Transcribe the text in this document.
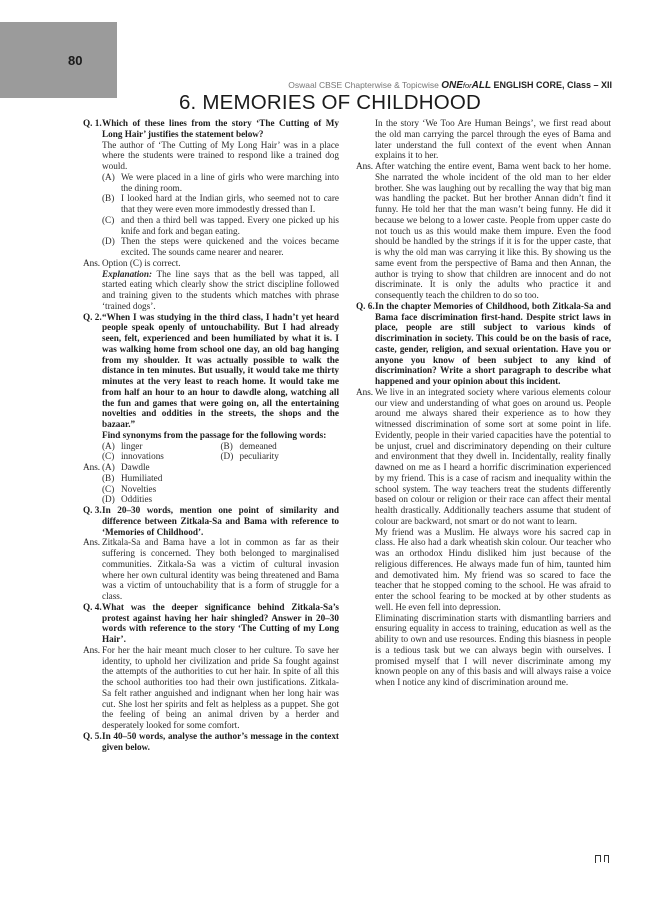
80
Oswaal CBSE Chapterwise & Topicwise ONEforALL ENGLISH CORE, Class – XII
6. MEMORIES OF CHILDHOOD
Q. 1. Which of these lines from the story ‘The Cutting of My Long Hair’ justifies the statement below?
The author of ‘The Cutting of My Long Hair’ was in a place where the students were trained to respond like a trained dog would.
(A) We were placed in a line of girls who were marching into the dining room.
(B) I looked hard at the Indian girls, who seemed not to care that they were even more immodestly dressed than I.
(C) and then a third bell was tapped. Every one picked up his knife and fork and began eating.
(D) Then the steps were quickened and the voices became excited. The sounds came nearer and nearer.
Ans. Option (C) is correct.
Explanation: The line says that as the bell was tapped, all started eating which clearly show the strict discipline followed and training given to the students which matches with phrase ‘trained dogs’.
Q. 2. “When I was studying in the third class, I hadn’t yet heard people speak openly of untouchability. But I had already seen, felt, experienced and been humiliated by what it is. I was walking home from school one day, an old bag hanging from my shoulder. It was actually possible to walk the distance in ten minutes. But usually, it would take me thirty minutes at the very least to reach home. It would take me from half an hour to an hour to dawdle along, watching all the fun and games that were going on, all the entertaining novelties and oddities in the streets, the shops and the bazaar.”
Find synonyms from the passage for the following words:
(A) linger	(B) demeaned
(C) innovations	(D) peculiarity
Ans. (A) Dawdle
(B) Humiliated
(C) Novelties
(D) Oddities
Q. 3. In 20–30 words, mention one point of similarity and difference between Zitkala-Sa and Bama with reference to ‘Memories of Childhood’.
Ans. Zitkala-Sa and Bama have a lot in common as far as their suffering is concerned. They both belonged to marginalised communities. Zitkala-Sa was a victim of cultural invasion where her own cultural identity was being threatened and Bama was a victim of untouchability that is a form of struggle for a class.
Q. 4. What was the deeper significance behind Zitkala-Sa’s protest against having her hair shingled? Answer in 20–30 words with reference to the story ‘The Cutting of my Long Hair’.
Ans. For her the hair meant much closer to her culture. To save her identity, to uphold her civilization and pride Sa fought against the attempts of the authorities to cut her hair. In spite of all this the school authorities too had their own justifications. Zitkala-Sa felt rather anguished and indignant when her long hair was cut. She lost her spirits and felt as helpless as a puppet. She got the feeling of being an animal driven by a herder and desperately looked for some comfort.
Q. 5. In 40–50 words, analyse the author’s message in the context given below.
In the story ‘We Too Are Human Beings’, we first read about the old man carrying the parcel through the eyes of Bama and later understand the full context of the event when Annan explains it to her.
Ans. After watching the entire event, Bama went back to her home. She narrated the whole incident of the old man to her elder brother. She was laughing out by recalling the way that big man was handling the packet. But her brother Annan didn’t find it funny. He told her that the man wasn’t being funny. He did it because we belong to a lower caste. People from upper caste do not touch us as this would make them impure. Even the food should be handled by the strings if it is for the upper caste, that is why the old man was carrying it like this. By showing us the same event from the perspective of Bama and then Annan, the author is trying to show that children are innocent and do not discriminate. It is only the adults who practice it and consequently teach the children to do so too.
Q. 6. In the chapter Memories of Childhood, both Zitkala-Sa and Bama face discrimination first-hand. Despite strict laws in place, people are still subject to various kinds of discrimination in society. This could be on the basis of race, caste, gender, religion, and sexual orientation. Have you or anyone you know of been subject to any kind of discrimination? Write a short paragraph to describe what happened and your opinion about this incident.
Ans. We live in an integrated society where various elements colour our view and understanding of what goes on around us. People around me always shared their experience as to how they witnessed discrimination of some sort at some point in life. Evidently, people in their varied capacities have the potential to be unjust, cruel and discriminatory depending on their culture and environment that they dwell in. Incidentally, reality finally dawned on me as I heard a horrific discrimination experienced by my friend. This is a case of racism and inequality within the school system. The way teachers treat the students differently based on colour or religion or their race can affect their mental health drastically. Additionally teachers assume that student of colour are backward, not smart or do not want to learn.

My friend was a Muslim. He always wore his sacred cap in class. He also had a dark wheatish skin colour. Our teacher who was an orthodox Hindu disliked him just because of the religious differences. He always made fun of him, taunted him and demotivated him. My friend was so scared to face the teacher that he stopped coming to the school. He was afraid to enter the school fearing to be mocked at by other students as well. He even fell into depression.

Eliminating discrimination starts with dismantling barriers and ensuring equality in access to training, education as well as the ability to own and use resources. Ending this biasness in people is a tedious task but we can always begin with ourselves. I promised myself that I will never discriminate among my known people on any of this basis and will always raise a voice when I notice any kind of discrimination around me.
